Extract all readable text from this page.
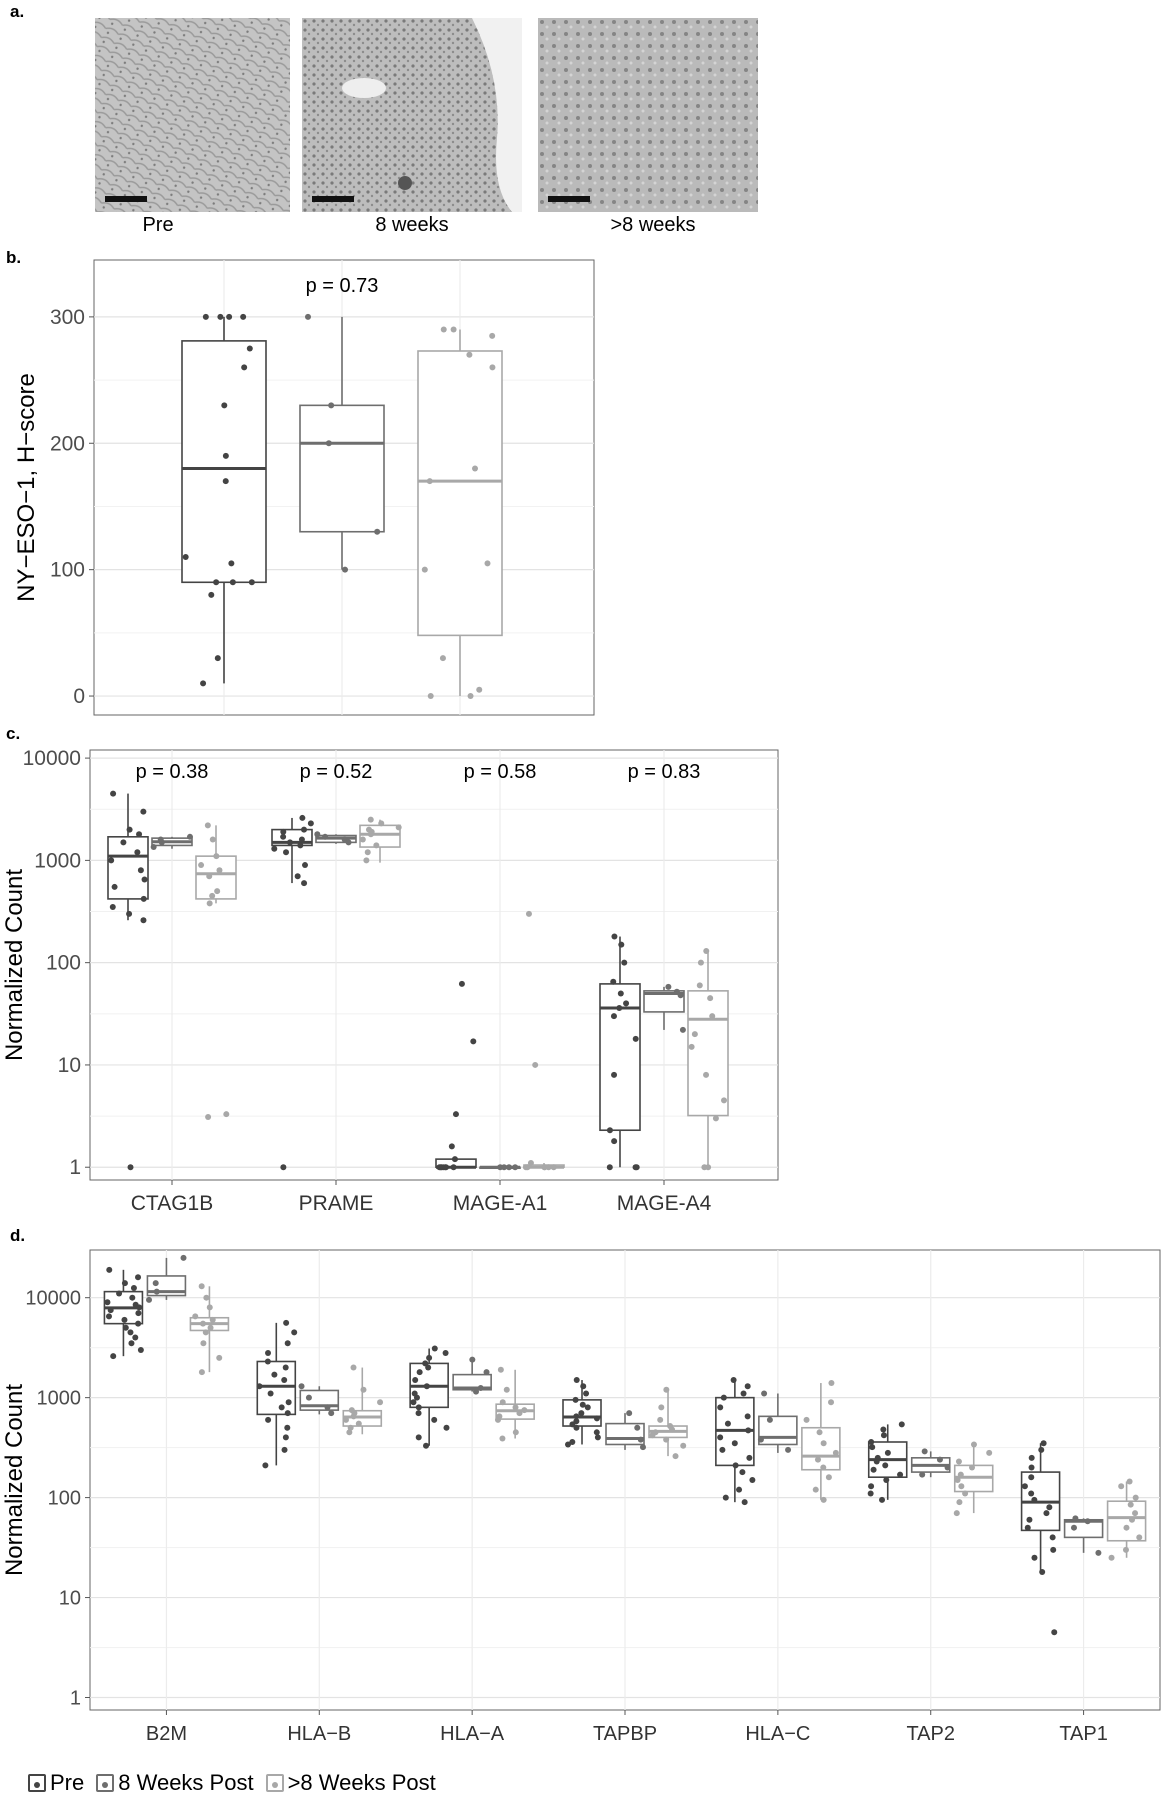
a.
b.
c.
d.
Pre	8 weeks	>8 weeks
0
100
200
300
p = 0.73
NY−ESO−1, H−score
1
10
100
1000
10000
CTAG1B
p = 0.38
PRAME
p = 0.52
MAGE-A1
p = 0.58
MAGE-A4
p = 0.83
Normalized Count
1
10
100
1000
10000
B2M	HLA−B	HLA−A	TAPBP	HLA−C	TAP2	TAP1
Normalized Count
Pre 8 Weeks Post >8 Weeks Post
